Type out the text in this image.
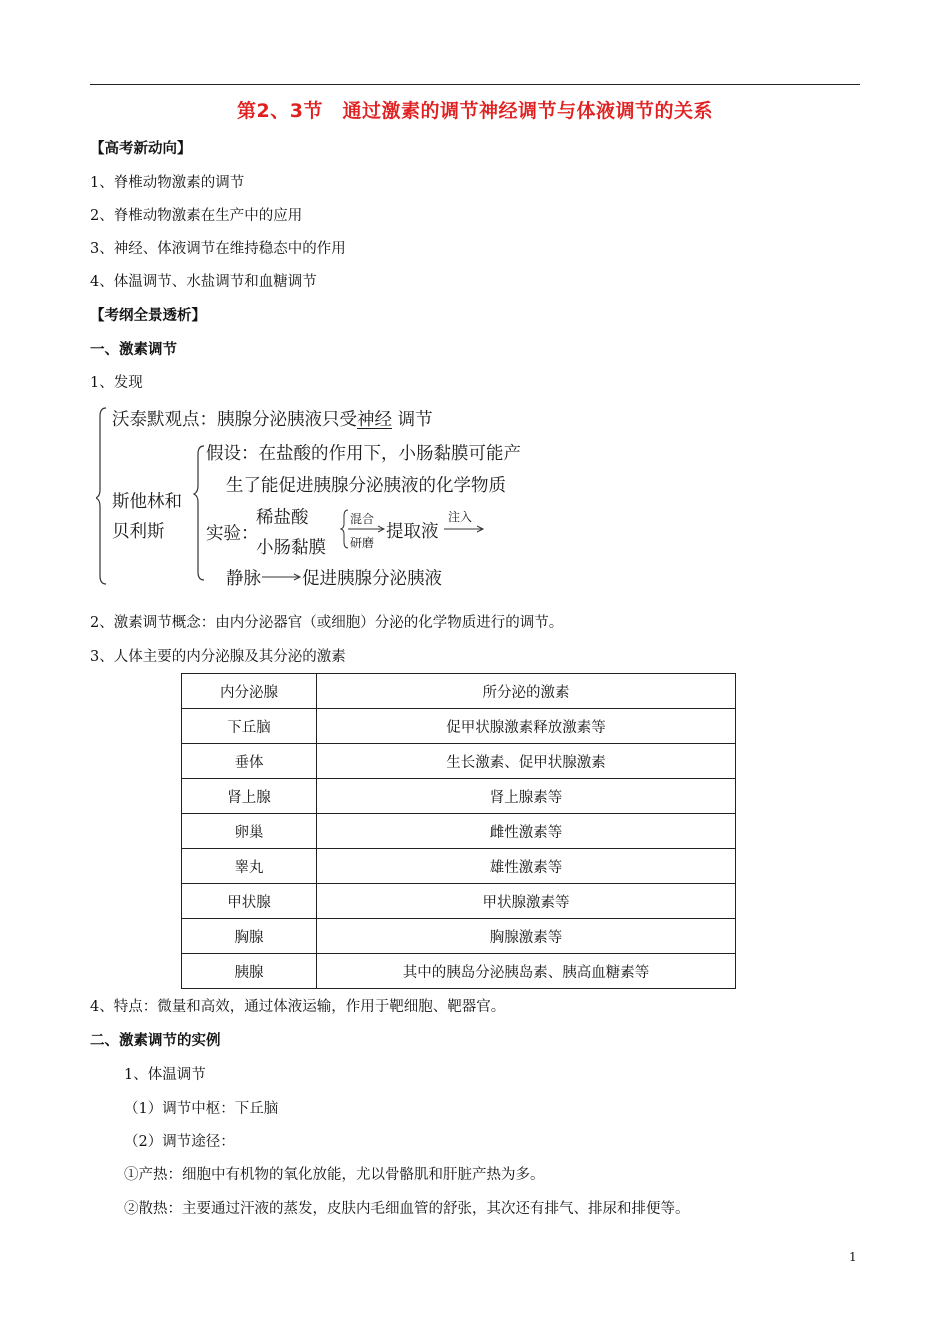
第2、3节　通过激素的调节神经调节与体液调节的关系
【高考新动向】
1、脊椎动物激素的调节
2、脊椎动物激素在生产中的应用
3、神经、体液调节在维持稳态中的作用
4、体温调节、水盐调节和血糖调节
【考纲全景透析】
一、激素调节
1、发现
沃泰默观点：胰腺分泌胰液只受神经 调节
假设：在盐酸的作用下，小肠黏膜可能产
生了能促进胰腺分泌胰液的化学物质
斯他林和
贝利斯 实验：
稀盐酸
小肠黏膜
混合
研磨
提取液
注入
静脉 促进胰腺分泌胰液
2、激素调节概念：由内分泌器官（或细胞）分泌的化学物质进行的调节。
3、人体主要的内分泌腺及其分泌的激素
内分泌腺	所分泌的激素
下丘脑	促甲状腺激素释放激素等
垂体	生长激素、促甲状腺激素
肾上腺	肾上腺素等
卵巢	雌性激素等
睾丸	雄性激素等
甲状腺	甲状腺激素等
胸腺	胸腺激素等
胰腺	其中的胰岛分泌胰岛素、胰高血糖素等
4、特点：微量和高效，通过体液运输，作用于靶细胞、靶器官。
二、激素调节的实例
1、体温调节
（1）调节中枢：下丘脑
（2）调节途径：
①产热：细胞中有机物的氧化放能，尤以骨骼肌和肝脏产热为多。
②散热：主要通过汗液的蒸发，皮肤内毛细血管的舒张，其次还有排气、排尿和排便等。
1
